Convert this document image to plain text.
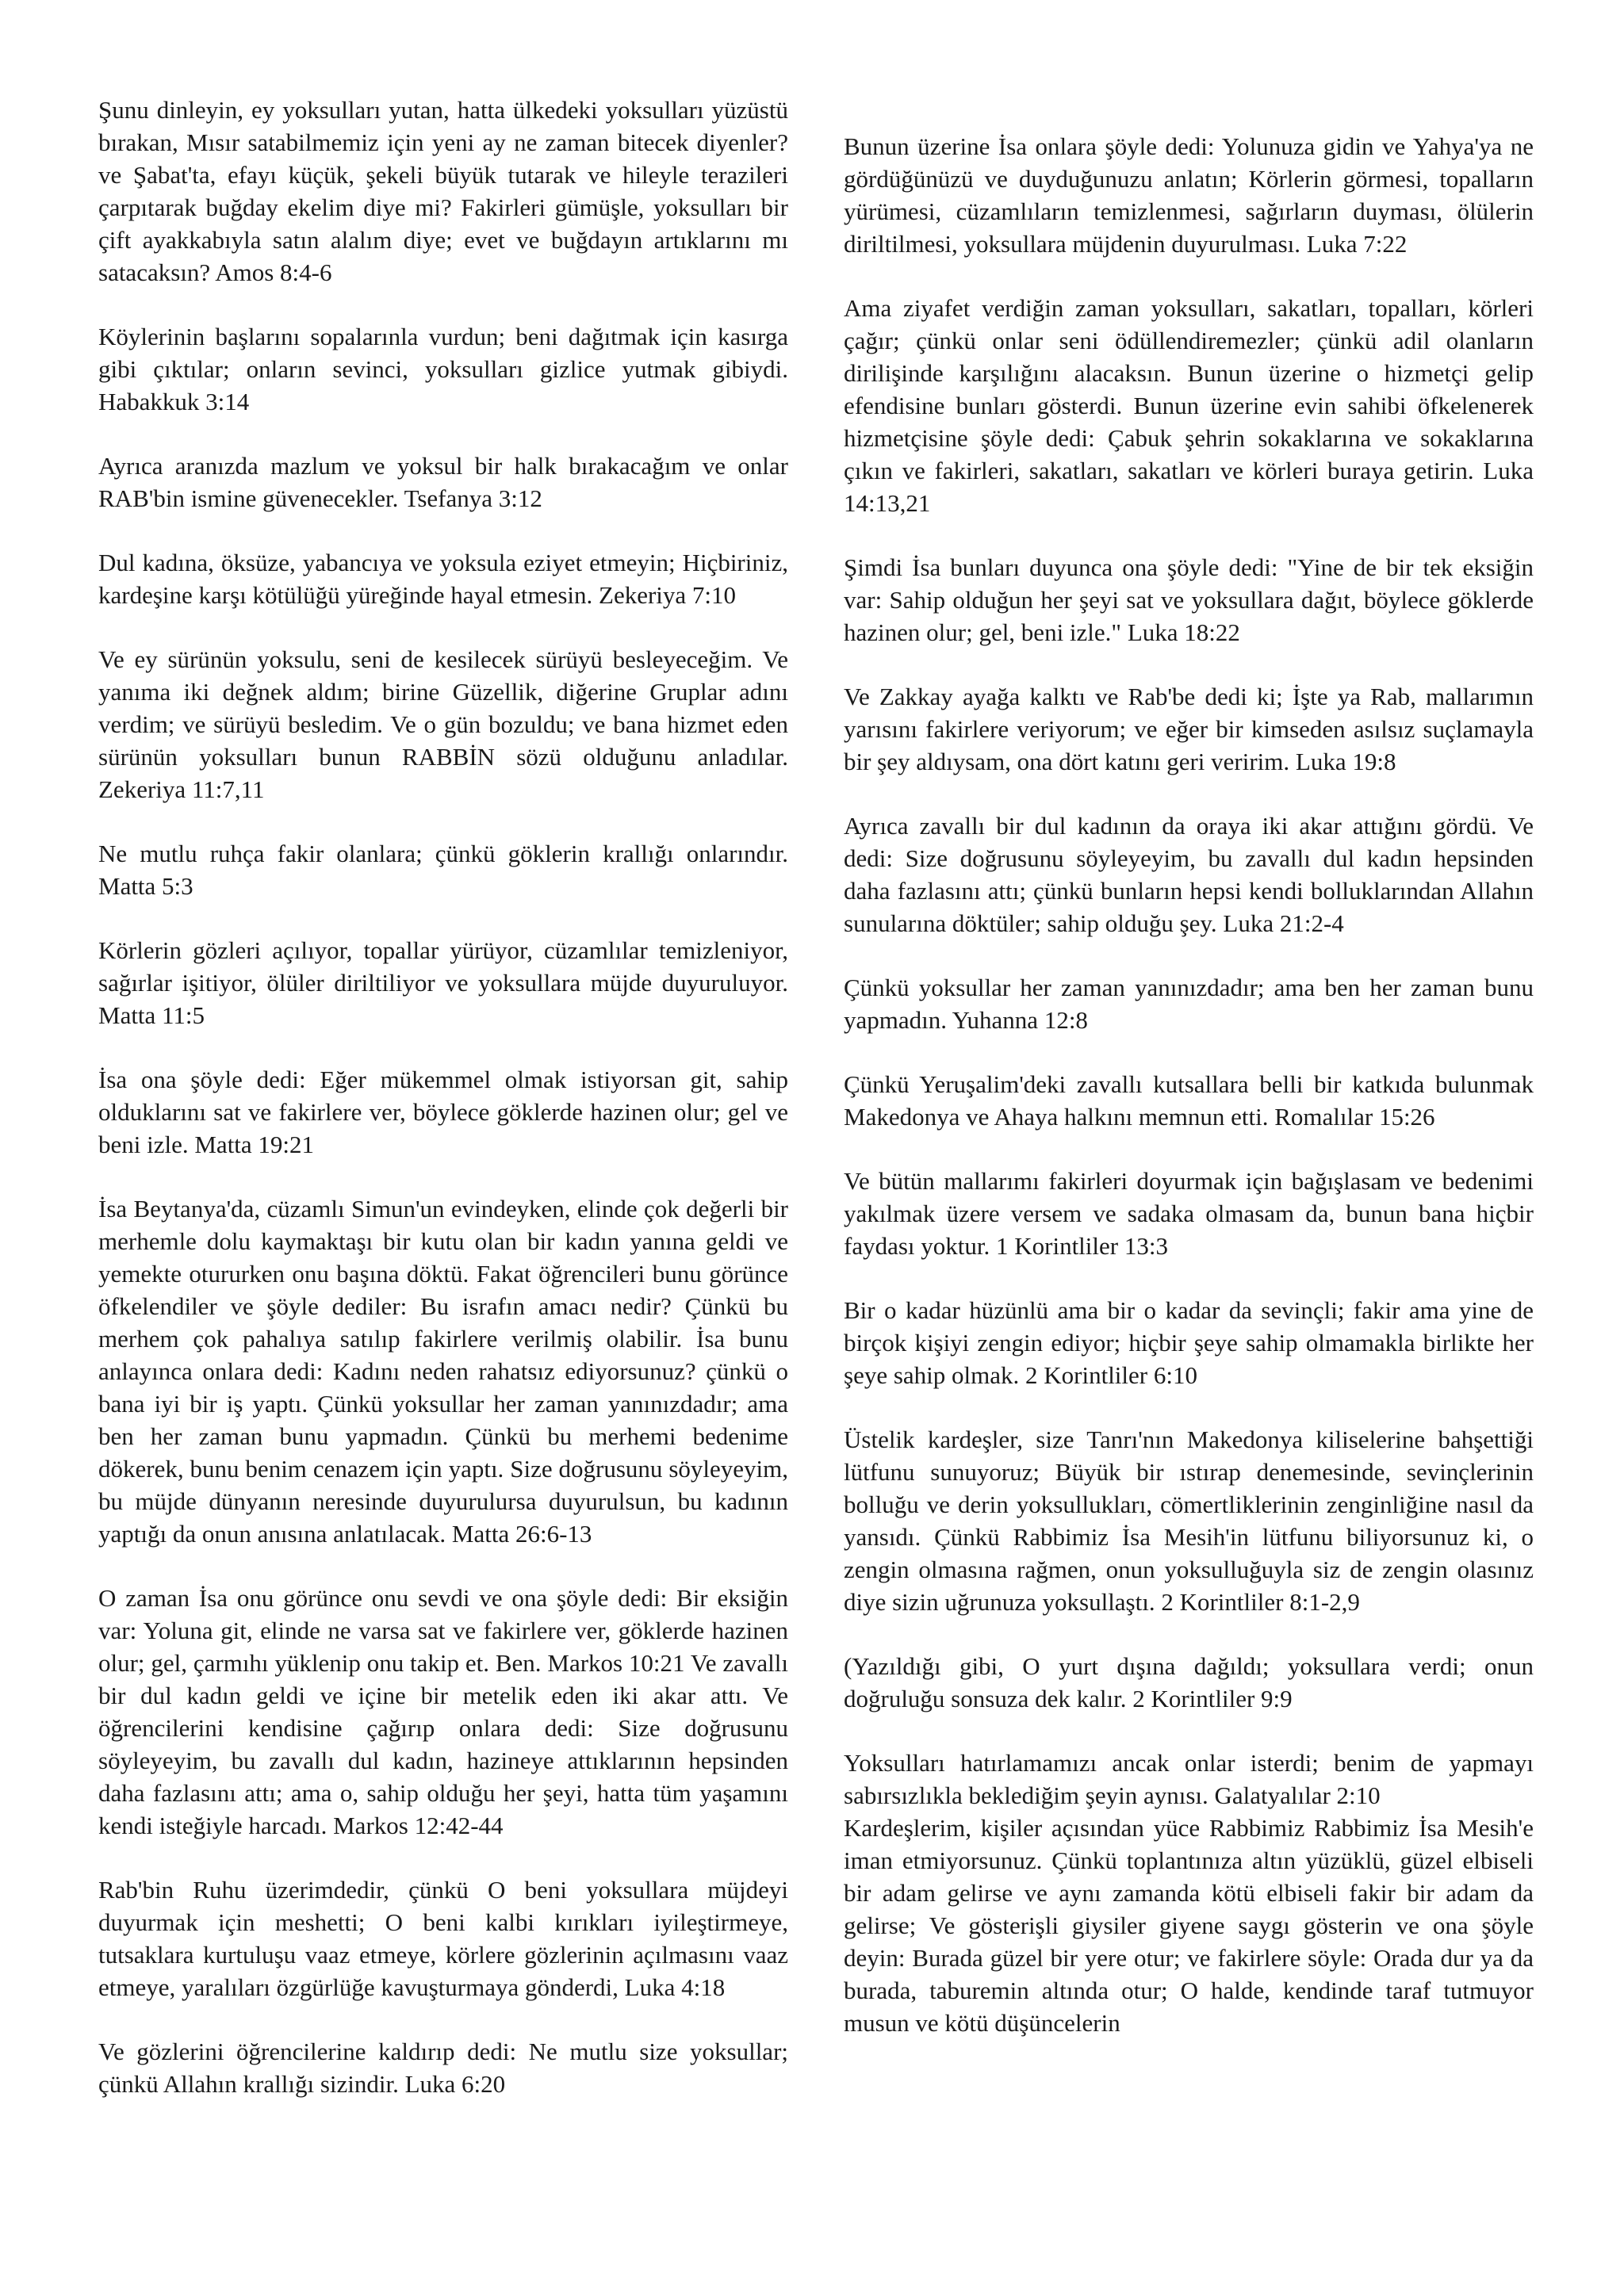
Şunu dinleyin, ey yoksulları yutan, hatta ülkedeki yoksulları yüzüstü bırakan, Mısır satabilmemiz için yeni ay ne zaman bitecek diyenler? ve Şabat'ta, efayı küçük, şekeli büyük tutarak ve hileyle terazileri çarpıtarak buğday ekelim diye mi? Fakirleri gümüşle, yoksulları bir çift ayakkabıyla satın alalım diye; evet ve buğdayın artıklarını mı satacaksın? Amos 8:4-6

Köylerinin başlarını sopalarınla vurdun; beni dağıtmak için kasırga gibi çıktılar; onların sevinci, yoksulları gizlice yutmak gibiydi. Habakkuk 3:14

Ayrıca aranızda mazlum ve yoksul bir halk bırakacağım ve onlar RAB'bin ismine güvenecekler. Tsefanya 3:12

Dul kadına, öksüze, yabancıya ve yoksula eziyet etmeyin; Hiçbiriniz, kardeşine karşı kötülüğü yüreğinde hayal etmesin. Zekeriya 7:10

Ve ey sürünün yoksulu, seni de kesilecek sürüyü besleyeceğim. Ve yanıma iki değnek aldım; birine Güzellik, diğerine Gruplar adını verdim; ve sürüyü besledim. Ve o gün bozuldu; ve bana hizmet eden sürünün yoksulları bunun RABBİN sözü olduğunu anladılar. Zekeriya 11:7,11

Ne mutlu ruhça fakir olanlara; çünkü göklerin krallığı onlarındır. Matta 5:3

Körlerin gözleri açılıyor, topallar yürüyor, cüzamlılar temizleniyor, sağırlar işitiyor, ölüler diriltiliyor ve yoksullara müjde duyuruluyor. Matta 11:5

İsa ona şöyle dedi: Eğer mükemmel olmak istiyorsan git, sahip olduklarını sat ve fakirlere ver, böylece göklerde hazinen olur; gel ve beni izle. Matta 19:21

İsa Beytanya'da, cüzamlı Simun'un evindeyken, elinde çok değerli bir merhemle dolu kaymaktaşı bir kutu olan bir kadın yanına geldi ve yemekte otururken onu başına döktü. Fakat öğrencileri bunu görünce öfkelendiler ve şöyle dediler: Bu israfın amacı nedir? Çünkü bu merhem çok pahalıya satılıp fakirlere verilmiş olabilir. İsa bunu anlayınca onlara dedi: Kadını neden rahatsız ediyorsunuz? çünkü o bana iyi bir iş yaptı. Çünkü yoksullar her zaman yanınızdadır; ama ben her zaman bunu yapmadın. Çünkü bu merhemi bedenime dökerek, bunu benim cenazem için yaptı. Size doğrusunu söyleyeyim, bu müjde dünyanın neresinde duyurulursa duyurulsun, bu kadının yaptığı da onun anısına anlatılacak. Matta 26:6-13

O zaman İsa onu görünce onu sevdi ve ona şöyle dedi: Bir eksiğin var: Yoluna git, elinde ne varsa sat ve fakirlere ver, göklerde hazinen olur; gel, çarmıhı yüklenip onu takip et. Ben. Markos 10:21 Ve zavallı bir dul kadın geldi ve içine bir metelik eden iki akar attı. Ve öğrencilerini kendisine çağırıp onlara dedi: Size doğrusunu söyleyeyim, bu zavallı dul kadın, hazineye attıklarının hepsinden daha fazlasını attı; ama o, sahip olduğu her şeyi, hatta tüm yaşamını kendi isteğiyle harcadı. Markos 12:42-44

Rab'bin Ruhu üzerimdedir, çünkü O beni yoksullara müjdeyi duyurmak için meshetti; O beni kalbi kırıkları iyileştirmeye, tutsaklara kurtuluşu vaaz etmeye, körlere gözlerinin açılmasını vaaz etmeye, yaralıları özgürlüğe kavuşturmaya gönderdi, Luka 4:18

Ve gözlerini öğrencilerine kaldırıp dedi: Ne mutlu size yoksullar; çünkü Allahın krallığı sizindir. Luka 6:20

Bunun üzerine İsa onlara şöyle dedi: Yolunuza gidin ve Yahya'ya ne gördüğünüzü ve duyduğunuzu anlatın; Körlerin görmesi, topalların yürümesi, cüzamlıların temizlenmesi, sağırların duyması, ölülerin diriltilmesi, yoksullara müjdenin duyurulması. Luka 7:22

Ama ziyafet verdiğin zaman yoksulları, sakatları, topalları, körleri çağır; çünkü onlar seni ödüllendiremezler; çünkü adil olanların dirilişinde karşılığını alacaksın. Bunun üzerine o hizmetçi gelip efendisine bunları gösterdi. Bunun üzerine evin sahibi öfkelenerek hizmetçisine şöyle dedi: Çabuk şehrin sokaklarına ve sokaklarına çıkın ve fakirleri, sakatları, sakatları ve körleri buraya getirin. Luka 14:13,21

Şimdi İsa bunları duyunca ona şöyle dedi: "Yine de bir tek eksiğin var: Sahip olduğun her şeyi sat ve yoksullara dağıt, böylece göklerde hazinen olur; gel, beni izle." Luka 18:22

Ve Zakkay ayağa kalktı ve Rab'be dedi ki; İşte ya Rab, mallarımın yarısını fakirlere veriyorum; ve eğer bir kimseden asılsız suçlamayla bir şey aldıysam, ona dört katını geri veririm. Luka 19:8

Ayrıca zavallı bir dul kadının da oraya iki akar attığını gördü. Ve dedi: Size doğrusunu söyleyeyim, bu zavallı dul kadın hepsinden daha fazlasını attı; çünkü bunların hepsi kendi bolluklarından Allahın sunularına döktüler; sahip olduğu şey. Luka 21:2-4

Çünkü yoksullar her zaman yanınızdadır; ama ben her zaman bunu yapmadın. Yuhanna 12:8

Çünkü Yeruşalim'deki zavallı kutsallara belli bir katkıda bulunmak Makedonya ve Ahaya halkını memnun etti. Romalılar 15:26

Ve bütün mallarımı fakirleri doyurmak için bağışlasam ve bedenimi yakılmak üzere versem ve sadaka olmasam da, bunun bana hiçbir faydası yoktur. 1 Korintliler 13:3

Bir o kadar hüzünlü ama bir o kadar da sevinçli; fakir ama yine de birçok kişiyi zengin ediyor; hiçbir şeye sahip olmamakla birlikte her şeye sahip olmak. 2 Korintliler 6:10

Üstelik kardeşler, size Tanrı'nın Makedonya kiliselerine bahşettiği lütfunu sunuyoruz; Büyük bir ıstırap denemesinde, sevinçlerinin bolluğu ve derin yoksullukları, cömertliklerinin zenginliğine nasıl da yansıdı. Çünkü Rabbimiz İsa Mesih'in lütfunu biliyorsunuz ki, o zengin olmasına rağmen, onun yoksulluğuyla siz de zengin olasınız diye sizin uğrunuza yoksullaştı. 2 Korintliler 8:1-2,9

(Yazıldığı gibi, O yurt dışına dağıldı; yoksullara verdi; onun doğruluğu sonsuza dek kalır. 2 Korintliler 9:9

Yoksulları hatırlamamızı ancak onlar isterdi; benim de yapmayı sabırsızlıkla beklediğim şeyin aynısı. Galatyalılar 2:10

Kardeşlerim, kişiler açısından yüce Rabbimiz Rabbimiz İsa Mesih'e iman etmiyorsunuz. Çünkü toplantınıza altın yüzüklü, güzel elbiseli bir adam gelirse ve aynı zamanda kötü elbiseli fakir bir adam da gelirse; Ve gösterişli giysiler giyene saygı gösterin ve ona şöyle deyin: Burada güzel bir yere otur; ve fakirlere söyle: Orada dur ya da burada, taburemin altında otur; O halde, kendinde taraf tutmuyor musun ve kötü düşüncelerin
